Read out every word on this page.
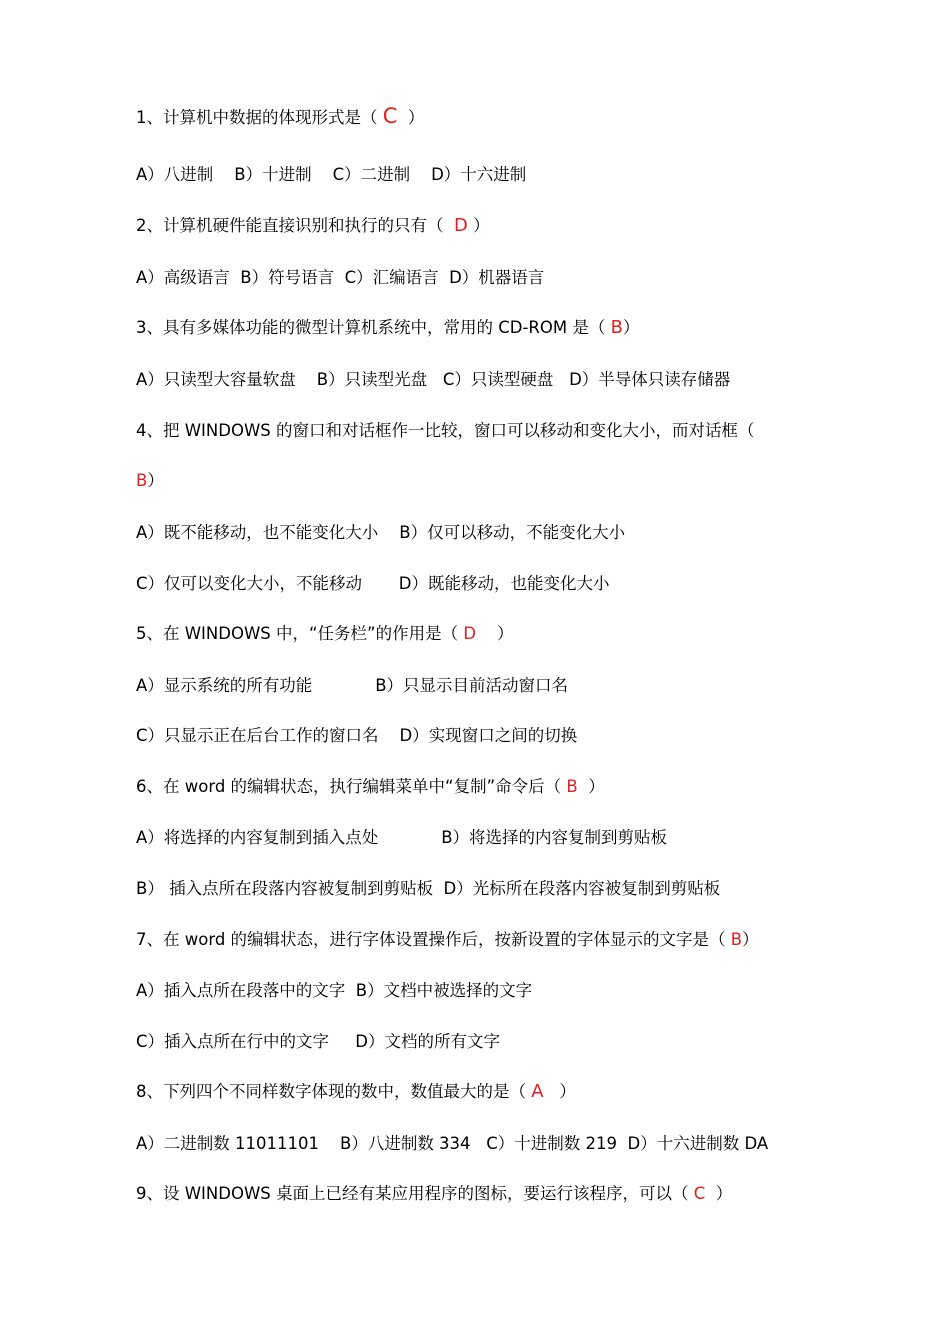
1、计算机中数据的体现形式是（ C  ）
A）八进制    B）十进制    C）二进制    D）十六进制
2、计算机硬件能直接识别和执行的只有（  D ）
A）高级语言  B）符号语言  C）汇编语言  D）机器语言
3、具有多媒体功能的微型计算机系统中，常用的 CD-ROM 是（ B）
A）只读型大容量软盘    B）只读型光盘   C）只读型硬盘   D）半导体只读存储器
4、把 WINDOWS 的窗口和对话框作一比较，窗口可以移动和变化大小，而对话框（
B）
A）既不能移动，也不能变化大小    B）仅可以移动，不能变化大小
C）仅可以变化大小，不能移动       D）既能移动，也能变化大小
5、在 WINDOWS 中，“任务栏”的作用是（ D    ）
A）显示系统的所有功能            B）只显示目前活动窗口名
C）只显示正在后台工作的窗口名    D）实现窗口之间的切换
6、在 word 的编辑状态，执行编辑菜单中“复制”命令后（ B  ）
A）将选择的内容复制到插入点处            B）将选择的内容复制到剪贴板
B） 插入点所在段落内容被复制到剪贴板  D）光标所在段落内容被复制到剪贴板
7、在 word 的编辑状态，进行字体设置操作后，按新设置的字体显示的文字是（ B）
A）插入点所在段落中的文字  B）文档中被选择的文字
C）插入点所在行中的文字     D）文档的所有文字
8、下列四个不同样数字体现的数中，数值最大的是（ A   ）
A）二进制数 11011101    B）八进制数 334   C）十进制数 219  D）十六进制数 DA
9、设 WINDOWS 桌面上已经有某应用程序的图标，要运行该程序，可以（ C  ）
